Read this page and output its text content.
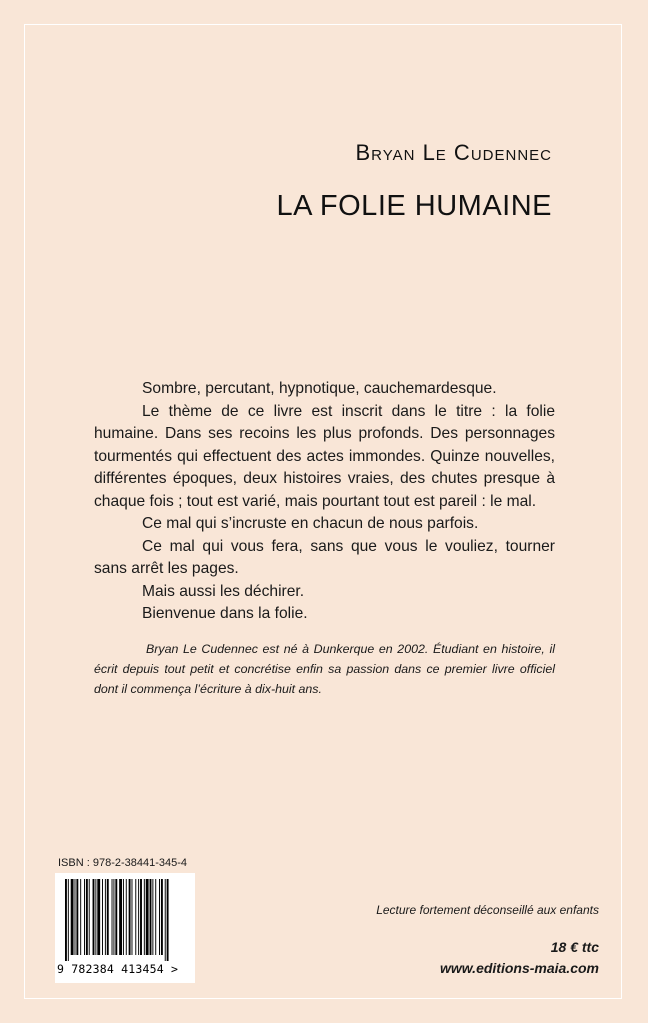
Bryan Le Cudennec
LA FOLIE HUMAINE

Sombre, percutant, hypnotique, cauchemardesque.

Le thème de ce livre est inscrit dans le titre : la folie humaine. Dans ses recoins les plus profonds. Des personnages tourmentés qui effectuent des actes immondes. Quinze nouvelles, différentes époques, deux histoires vraies, des chutes presque à chaque fois ; tout est varié, mais pourtant tout est pareil : le mal.

Ce mal qui s’incruste en chacun de nous parfois.

Ce mal qui vous fera, sans que vous le vouliez, tourner sans arrêt les pages.

Mais aussi les déchirer.

Bienvenue dans la folie.

Bryan Le Cudennec est né à Dunkerque en 2002. Étudiant en histoire, il écrit depuis tout petit et concrétise enfin sa passion dans ce premier livre officiel dont il commença l’écriture à dix-huit ans.
ISBN : 978-2-38441-345-4
9 782384 413454 >
Lecture fortement déconseillé aux enfants
18 € ttc
www.editions-maia.com
